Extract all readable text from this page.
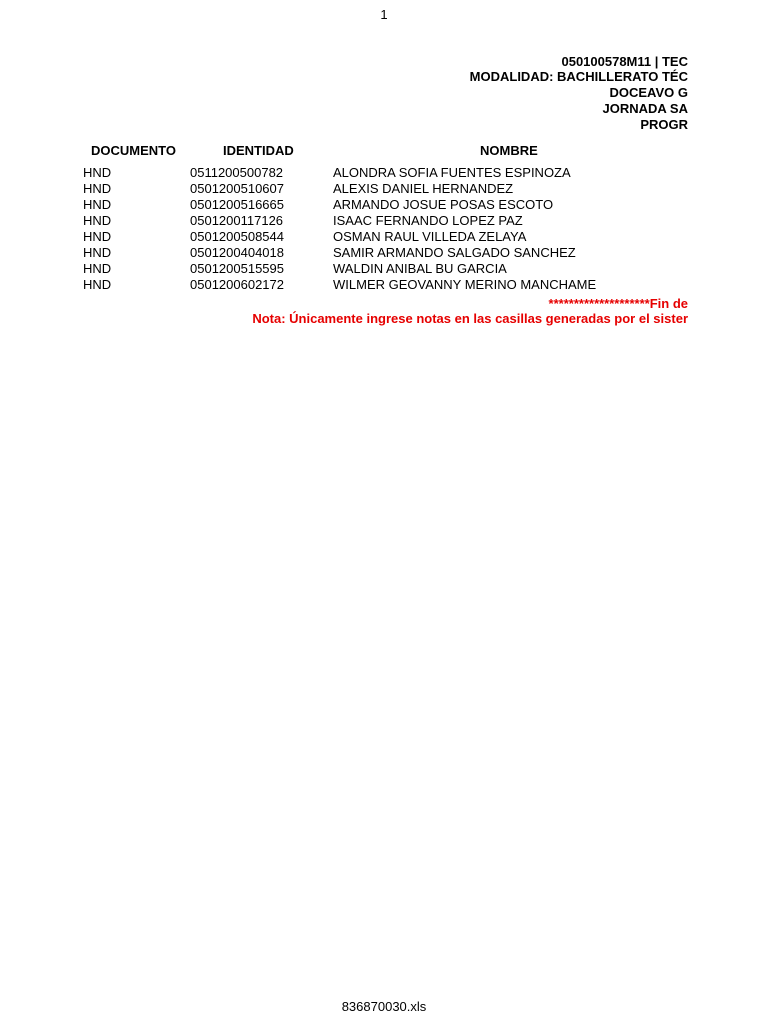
1
050100578M11 | TEC
MODALIDAD: BACHILLERATO TÉC
DOCEAVO G
JORNADA SA
PROGR
DOCUMENTO	IDENTIDAD	NOMBRE
HND	0511200500782	ALONDRA SOFIA FUENTES ESPINOZA
HND	0501200510607	ALEXIS DANIEL HERNANDEZ
HND	0501200516665	ARMANDO JOSUE POSAS ESCOTO
HND	0501200117126	ISAAC FERNANDO LOPEZ PAZ
HND	0501200508544	OSMAN RAUL VILLEDA ZELAYA
HND	0501200404018	SAMIR ARMANDO SALGADO SANCHEZ
HND	0501200515595	WALDIN ANIBAL BU GARCIA
HND	0501200602172	WILMER GEOVANNY MERINO MANCHAME
********************Fin de
Nota: Únicamente ingrese notas en las casillas generadas por el sister
836870030.xls
